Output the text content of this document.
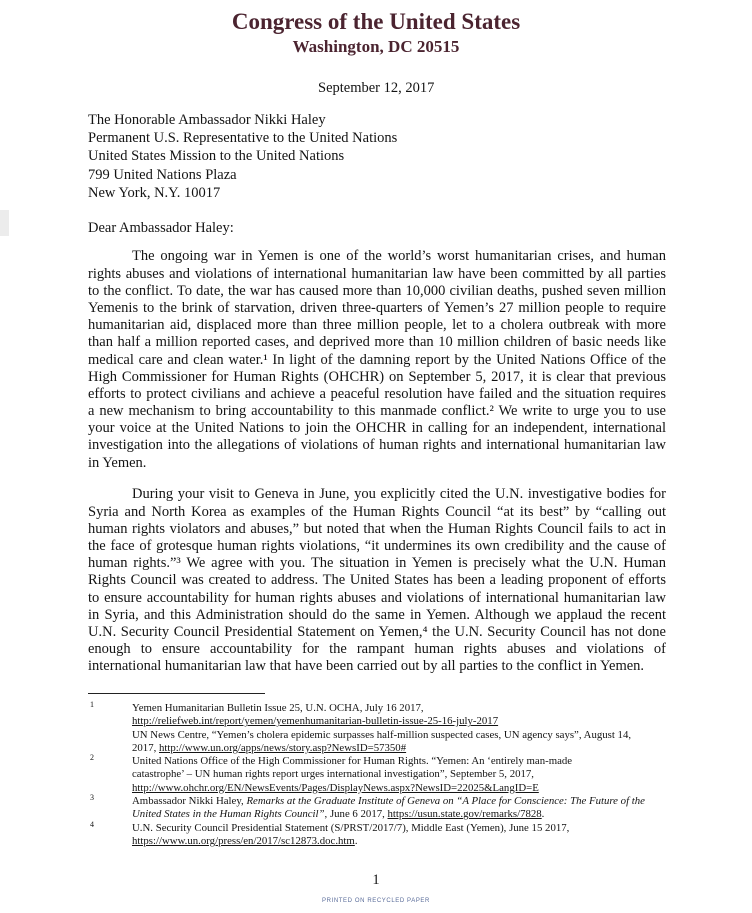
Congress of the United States
Washington, DC 20515
September 12, 2017
The Honorable Ambassador Nikki Haley
Permanent U.S. Representative to the United Nations
United States Mission to the United Nations
799 United Nations Plaza
New York, N.Y. 10017
Dear Ambassador Haley:
The ongoing war in Yemen is one of the world’s worst humanitarian crises, and human
rights abuses and violations of international humanitarian law have been committed by all parties
to the conflict. To date, the war has caused more than 10,000 civilian deaths, pushed seven million
Yemenis to the brink of starvation, driven three-quarters of Yemen’s 27 million people to require
humanitarian aid, displaced more than three million people, let to a cholera outbreak with more
than half a million reported cases, and deprived more than 10 million children of basic needs like
medical care and clean water.¹ In light of the damning report by the United Nations Office of the
High Commissioner for Human Rights (OHCHR) on September 5, 2017, it is clear that previous
efforts to protect civilians and achieve a peaceful resolution have failed and the situation requires
a new mechanism to bring accountability to this manmade conflict.² We write to urge you to use
your voice at the United Nations to join the OHCHR in calling for an independent, international
investigation into the allegations of violations of human rights and international humanitarian law
in Yemen.
During your visit to Geneva in June, you explicitly cited the U.N. investigative bodies for
Syria and North Korea as examples of the Human Rights Council “at its best” by “calling out
human rights violators and abuses,” but noted that when the Human Rights Council fails to act in
the face of grotesque human rights violations, “it undermines its own credibility and the cause of
human rights.”³ We agree with you. The situation in Yemen is precisely what the U.N. Human
Rights Council was created to address. The United States has been a leading proponent of efforts
to ensure accountability for human rights abuses and violations of international humanitarian law
in Syria, and this Administration should do the same in Yemen. Although we applaud the recent
U.N. Security Council Presidential Statement on Yemen,⁴ the U.N. Security Council has not done
enough to ensure accountability for the rampant human rights abuses and violations of
international humanitarian law that have been carried out by all parties to the conflict in Yemen.
1	Yemen Humanitarian Bulletin Issue 25, U.N. OCHA, July 16 2017,
http://reliefweb.int/report/yemen/yemenhumanitarian-bulletin-issue-25-16-july-2017
UN News Centre, “Yemen’s cholera epidemic surpasses half-million suspected cases, UN agency says”, August 14,
2017, http://www.un.org/apps/news/story.asp?NewsID=57350#
2	United Nations Office of the High Commissioner for Human Rights. “Yemen: An ‘entirely man-made
catastrophe’ – UN human rights report urges international investigation”, September 5, 2017,
http://www.ohchr.org/EN/NewsEvents/Pages/DisplayNews.aspx?NewsID=22025&LangID=E
3	Ambassador Nikki Haley, Remarks at the Graduate Institute of Geneva on “A Place for Conscience: The Future of the
United States in the Human Rights Council”, June 6 2017, https://usun.state.gov/remarks/7828.
4	U.N. Security Council Presidential Statement (S/PRST/2017/7), Middle East (Yemen), June 15 2017,
https://www.un.org/press/en/2017/sc12873.doc.htm.
1
PRINTED ON RECYCLED PAPER
